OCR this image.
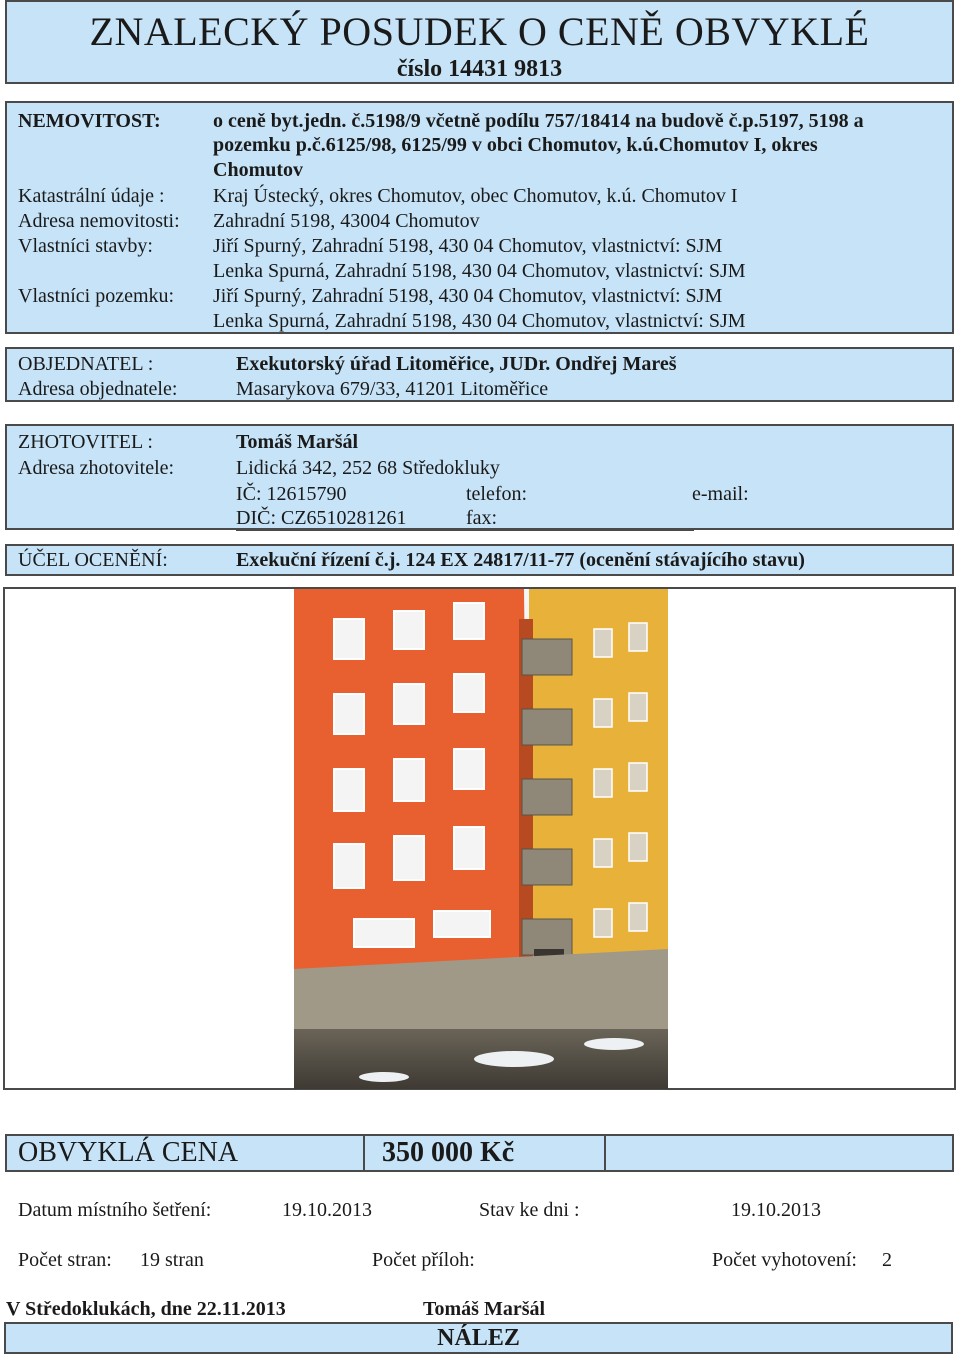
ZNALECKÝ POSUDEK O CENĚ OBVYKLÉ
číslo 14431 9813
NEMOVITOST:	o ceně byt.jedn. č.5198/9 včetně podílu 757/18414 na budově č.p.5197, 5198 a
pozemku p.č.6125/98, 6125/99 v obci Chomutov, k.ú.Chomutov I, okres
Chomutov
Katastrální údaje : Kraj Ústecký, okres Chomutov, obec Chomutov, k.ú. Chomutov I
Adresa nemovitosti: Zahradní 5198, 43004 Chomutov
Vlastníci stavby:	Jiří Spurný, Zahradní 5198, 430 04 Chomutov, vlastnictví: SJM
Lenka Spurná, Zahradní 5198, 430 04 Chomutov, vlastnictví: SJM
Vlastníci pozemku: Jiří Spurný, Zahradní 5198, 430 04 Chomutov, vlastnictví: SJM
Lenka Spurná, Zahradní 5198, 430 04 Chomutov, vlastnictví: SJM
OBJEDNATEL :	Exekutorský úřad Litoměřice, JUDr. Ondřej Mareš
Adresa objednatele:	Masarykova 679/33, 41201 Litoměřice
ZHOTOVITEL :	Tomáš Maršál
Adresa zhotovitele:	Lidická 342, 252 68 Středokluky
IČ: 12615790	telefon:	e-mail:
DIČ: CZ6510281261	fax:
ÚČEL OCENĚNÍ:	Exekuční řízení č.j. 124 EX 24817/11-77 (ocenění stávajícího stavu)
OBVYKLÁ CENA	350 000 Kč
Datum místního šetření:	19.10.2013	Stav ke dni :	19.10.2013
Počet stran: 19 stran	Počet příloh:	Počet vyhotovení: 2
V Středoklukách, dne 22.11.2013	Tomáš Maršál
NÁLEZ
